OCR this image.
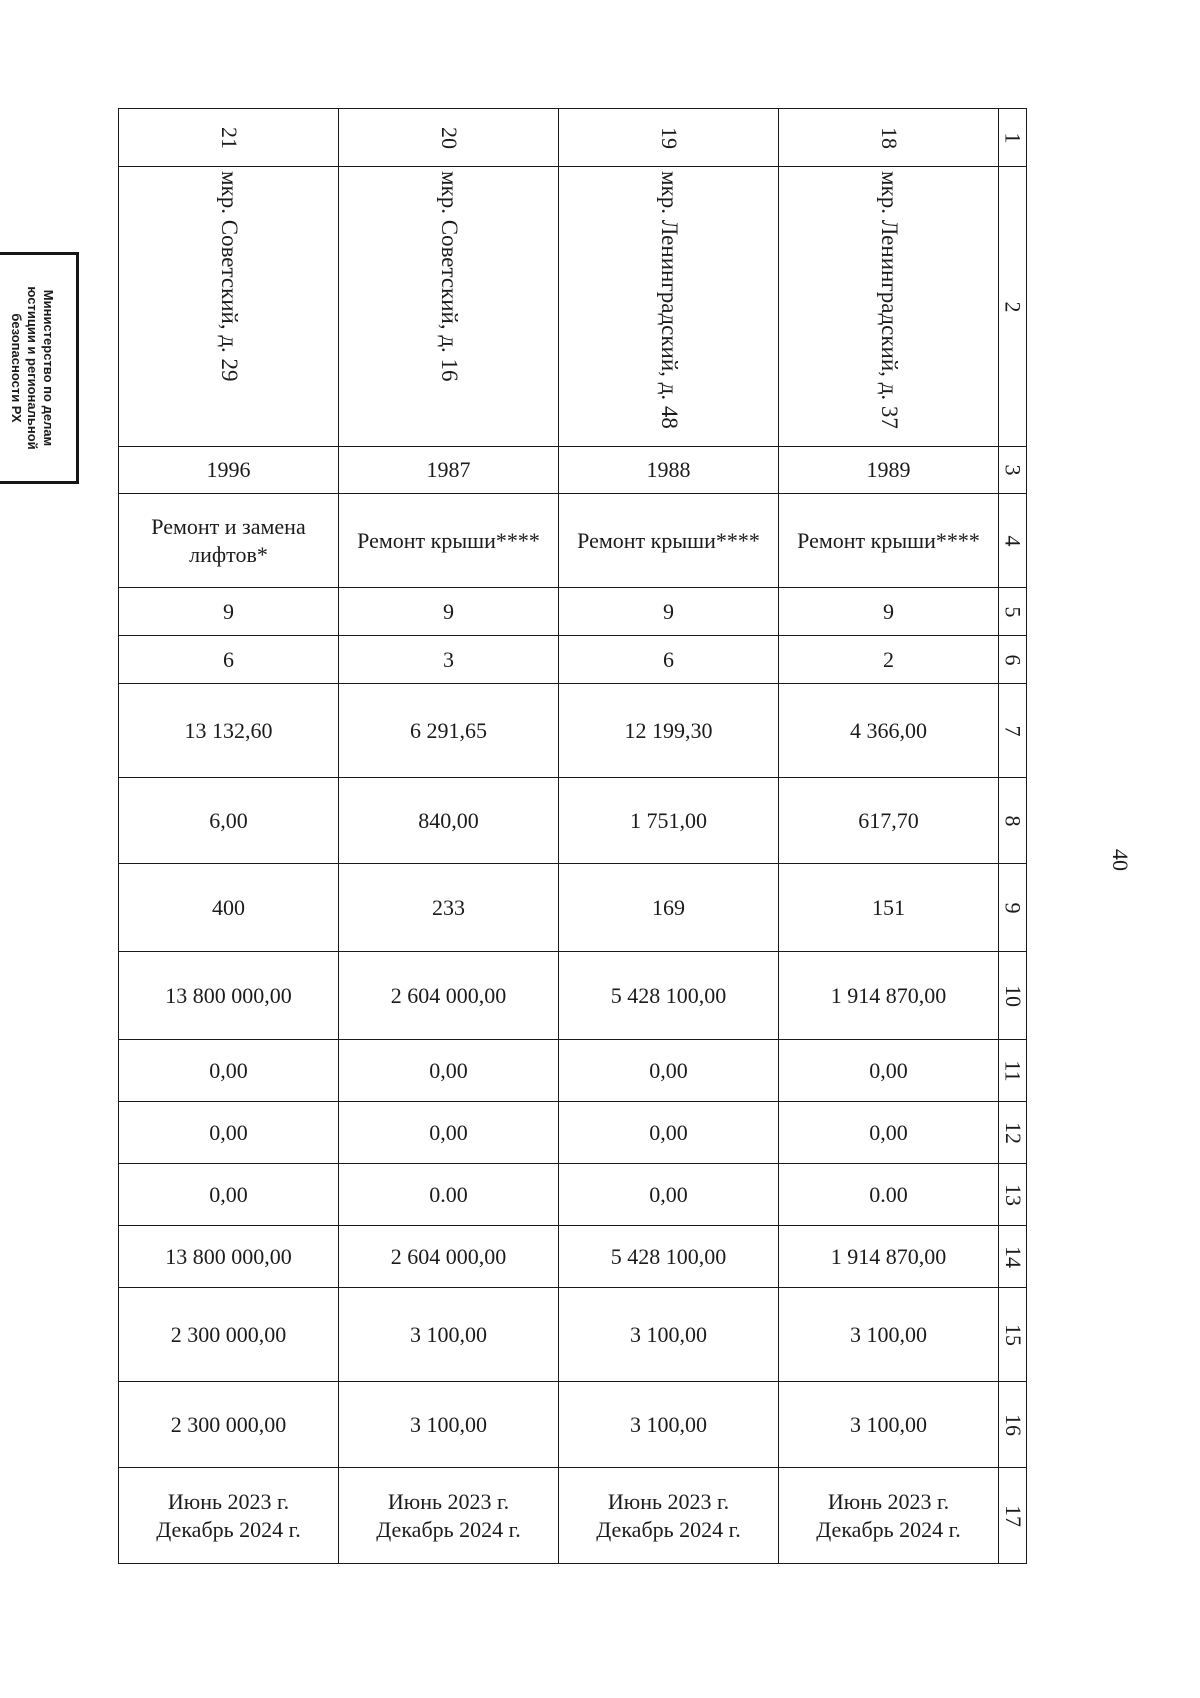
Министерство по делам
юстиции и региональной
безопасности РХ
40
21	20	19	18	1

мкр. Советский, д. 29	мкр. Советский, д. 16	мкр. Ленинградский, д. 48	мкр. Ленинградский, д. 37	2
1996	1987	1988	1989	3

Ремонт и замена лифтов*	Ремонт крыши****	Ремонт крыши****	Ремонт крыши****	4
9	9	9	9	5
6	3	6	2	6
13 132,60	6 291,65	12 199,30	4 366,00	7
6,00	840,00	1 751,00	617,70	8
400	233	169	151	9
13 800 000,00	2 604 000,00	5 428 100,00	1 914 870,00	10
0,00	0,00	0,00	0,00	11
0,00	0,00	0,00	0,00	12
0,00	0.00	0,00	0.00	13
13 800 000,00	2 604 000,00	5 428 100,00	1 914 870,00	14
2 300 000,00	3 100,00	3 100,00	3 100,00	15
2 300 000,00	3 100,00	3 100,00	3 100,00	16

Июнь 2023 г.
Декабрь 2024 г.	Июнь 2023 г.
Декабрь 2024 г.	Июнь 2023 г.
Декабрь 2024 г.	Июнь 2023 г.
Декабрь 2024 г.	17
